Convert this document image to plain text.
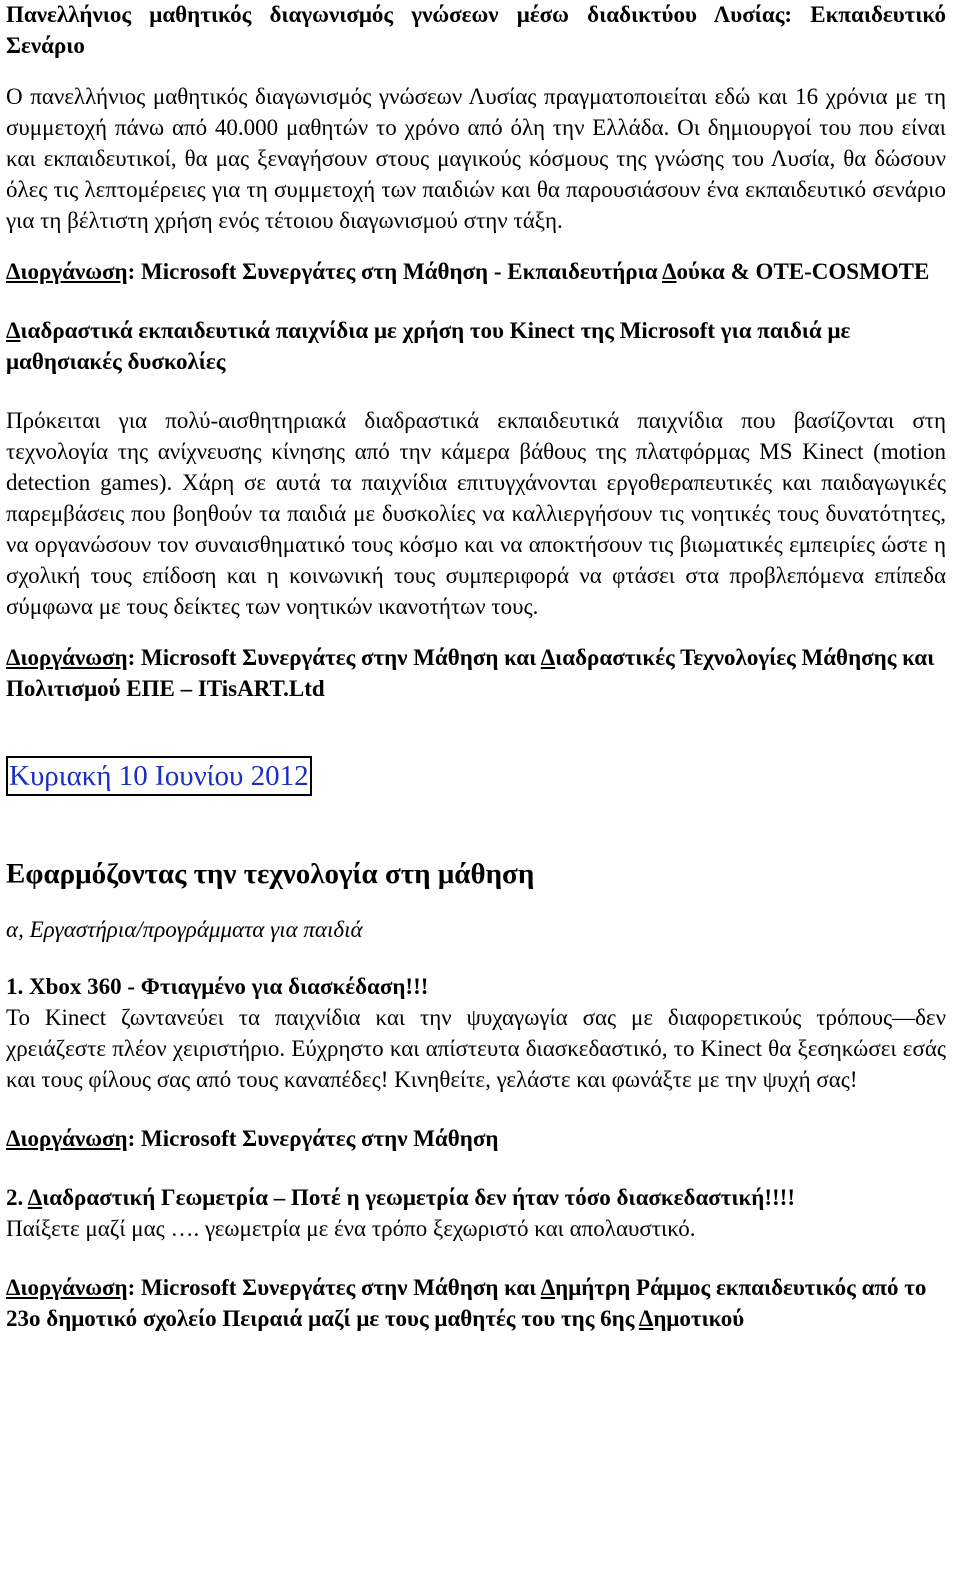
Πανελλήνιος μαθητικός διαγωνισμός γνώσεων μέσω διαδικτύου Λυσίας: Εκπαιδευτικό Σενάριο

Ο πανελλήνιος μαθητικός διαγωνισμός γνώσεων Λυσίας πραγματοποιείται εδώ και 16 χρόνια με τη συμμετοχή πάνω από 40.000 μαθητών το χρόνο από όλη την Ελλάδα. Οι δημιουργοί του που είναι και εκπαιδευτικοί, θα μας ξεναγήσουν στους μαγικούς κόσμους της γνώσης του Λυσία, θα δώσουν όλες τις λεπτομέρειες για τη συμμετοχή των παιδιών και θα παρουσιάσουν ένα εκπαιδευτικό σενάριο για τη βέλτιστη χρήση ενός τέτοιου διαγωνισμού στην τάξη.

Διοργάνωση: Microsoft Συνεργάτες στη Μάθηση - Εκπαιδευτήρια Δούκα & OTE-COSMOTE

Διαδραστικά εκπαιδευτικά παιχνίδια με χρήση του Kinect της Microsoft για παιδιά με μαθησιακές δυσκολίες

Πρόκειται για πολύ-αισθητηριακά διαδραστικά εκπαιδευτικά παιχνίδια που βασίζονται στη τεχνολογία της ανίχνευσης κίνησης από την κάμερα βάθους της πλατφόρμας MS Kinect (motion detection games). Χάρη σε αυτά τα παιχνίδια επιτυγχάνονται εργοθεραπευτικές και παιδαγωγικές παρεμβάσεις που βοηθούν τα παιδιά με δυσκολίες να καλλιεργήσουν τις νοητικές τους δυνατότητες, να οργανώσουν τον συναισθηματικό τους κόσμο και να αποκτήσουν τις βιωματικές εμπειρίες ώστε η σχολική τους επίδοση και η κοινωνική τους συμπεριφορά να φτάσει στα προβλεπόμενα επίπεδα σύμφωνα με τους δείκτες των νοητικών ικανοτήτων τους.

Διοργάνωση: Microsoft Συνεργάτες στην Μάθηση και Διαδραστικές Τεχνολογίες Μάθησης και Πολιτισμού ΕΠΕ – ITisART.Ltd

Κυριακή 10 Ιουνίου 2012

Εφαρμόζοντας την τεχνολογία στη μάθηση

α, Εργαστήρια/προγράμματα για παιδιά

1. Xbox 360 - Φτιαγμένο για διασκέδαση!!!

Το Kinect ζωντανεύει τα παιχνίδια και την ψυχαγωγία σας με διαφορετικούς τρόπους—δεν χρειάζεστε πλέον χειριστήριο. Εύχρηστο και απίστευτα διασκεδαστικό, το Kinect θα ξεσηκώσει εσάς και τους φίλους σας από τους καναπέδες! Κινηθείτε, γελάστε και φωνάξτε με την ψυχή σας!

Διοργάνωση: Microsoft Συνεργάτες στην Μάθηση

2. Διαδραστική Γεωμετρία – Ποτέ η γεωμετρία δεν ήταν τόσο διασκεδαστική!!!!

Παίξετε μαζί μας …. γεωμετρία με ένα τρόπο ξεχωριστό και απολαυστικό.

Διοργάνωση: Microsoft Συνεργάτες στην Μάθηση και Δημήτρη Ράμμος εκπαιδευτικός από το 23ο δημοτικό σχολείο Πειραιά μαζί με τους μαθητές του της 6ης Δημοτικού
